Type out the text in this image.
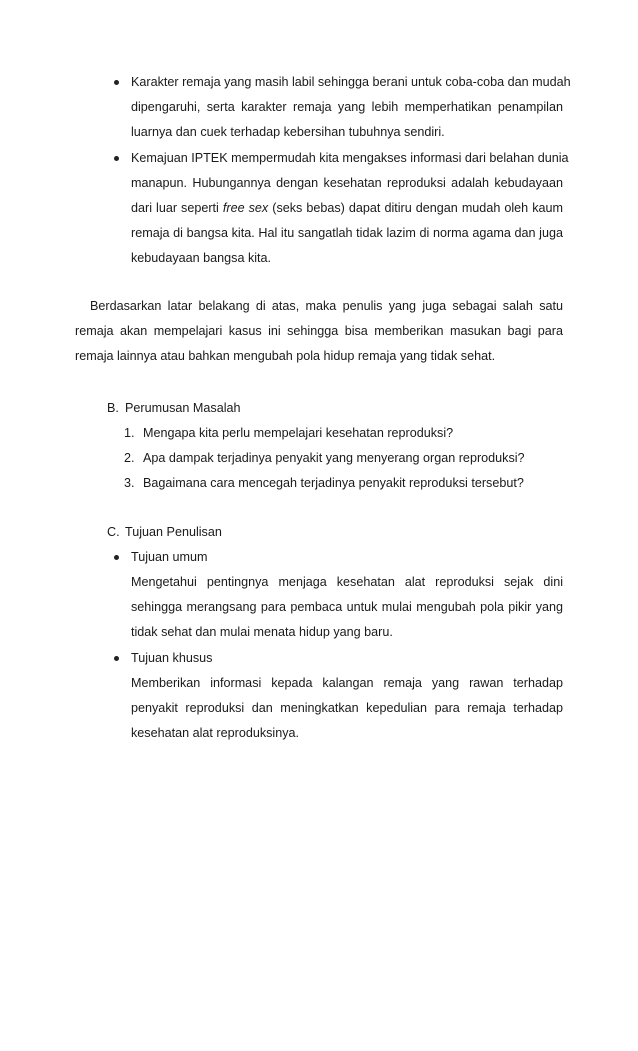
Karakter remaja yang masih labil sehingga berani untuk coba-coba dan mudah
dipengaruhi, serta karakter remaja yang lebih memperhatikan penampilan
luarnya dan cuek terhadap kebersihan tubuhnya sendiri.
Kemajuan IPTEK mempermudah kita mengakses informasi dari belahan dunia
manapun. Hubungannya dengan kesehatan reproduksi adalah kebudayaan
dari luar seperti free sex (seks bebas) dapat ditiru dengan mudah oleh kaum
remaja di bangsa kita. Hal itu sangatlah tidak lazim di norma agama dan juga
kebudayaan bangsa kita.
Berdasarkan latar belakang di atas, maka penulis yang juga sebagai salah satu
remaja akan mempelajari kasus ini sehingga bisa memberikan masukan bagi para
remaja lainnya atau bahkan mengubah pola hidup remaja yang tidak sehat.
B. Perumusan Masalah
1. Mengapa kita perlu mempelajari kesehatan reproduksi?
2. Apa dampak terjadinya penyakit yang menyerang organ reproduksi?
3. Bagaimana cara mencegah terjadinya penyakit reproduksi tersebut?
C. Tujuan Penulisan
Tujuan umum
Mengetahui pentingnya menjaga kesehatan alat reproduksi sejak dini
sehingga merangsang para pembaca untuk mulai mengubah pola pikir yang
tidak sehat dan mulai menata hidup yang baru.
Tujuan khusus
Memberikan informasi kepada kalangan remaja yang rawan terhadap
penyakit reproduksi dan meningkatkan kepedulian para remaja terhadap
kesehatan alat reproduksinya.
